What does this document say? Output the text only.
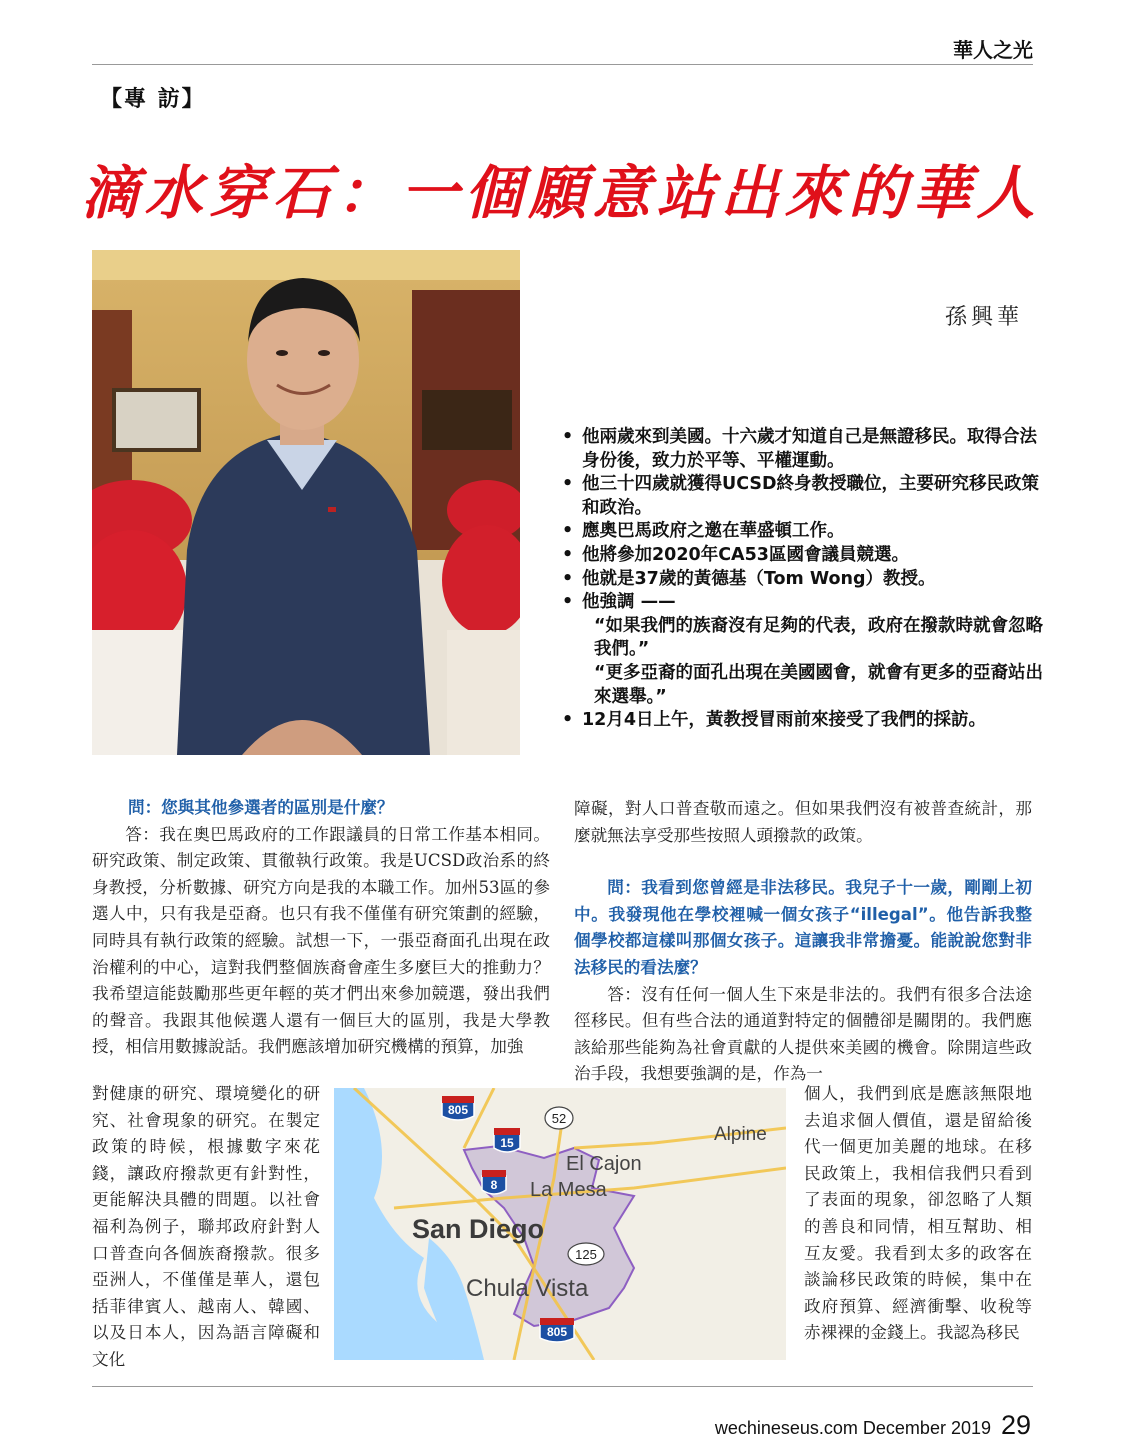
華人之光
【專 訪】
滴水穿石：一個願意站出來的華人
孫興華
• 他兩歲來到美國。十六歲才知道自己是無證移民。取得合法身份後，致力於平等、平權運動。
• 他三十四歲就獲得UCSD終身教授職位，主要研究移民政策和政治。
• 應奧巴馬政府之邀在華盛頓工作。
• 他將參加2020年CA53區國會議員競選。
• 他就是37歲的黃德基（Tom Wong）教授。
• 他強調 ——
“如果我們的族裔沒有足夠的代表，政府在撥款時就會忽略我們。”
“更多亞裔的面孔出現在美國國會，就會有更多的亞裔站出來選舉。”
• 12月4日上午，黃教授冒雨前來接受了我們的採訪。
問：您與其他參選者的區別是什麼？
答：我在奧巴馬政府的工作跟議員的日常工作基本相同。研究政策、制定政策、貫徹執行政策。我是UCSD政治系的終身教授，分析數據、研究方向是我的本職工作。加州53區的參選人中，只有我是亞裔。也只有我不僅僅有研究策劃的經驗，同時具有執行政策的經驗。試想一下，一張亞裔面孔出現在政治權利的中心，這對我們整個族裔會產生多麼巨大的推動力？我希望這能鼓勵那些更年輕的英才們出來參加競選，發出我們的聲音。我跟其他候選人還有一個巨大的區別，我是大學教授，相信用數據說話。我們應該增加研究機構的預算，加強
對健康的研究、環境變化的研究、社會現象的研究。在製定政策的時候，根據數字來花錢，讓政府撥款更有針對性，更能解決具體的問題。以社會福利為例子，聯邦政府針對人口普查向各個族裔撥款。很多亞洲人，不僅僅是華人，還包括菲律賓人、越南人、韓國、以及日本人，因為語言障礙和文化
障礙，對人口普查敬而遠之。但如果我們沒有被普查統計，那麼就無法享受那些按照人頭撥款的政策。
問：我看到您曾經是非法移民。我兒子十一歲，剛剛上初中。我發現他在學校裡喊一個女孩子“illegal”。他告訴我整個學校都這樣叫那個女孩子。這讓我非常擔憂。能說說您對非法移民的看法麼？
答：沒有任何一個人生下來是非法的。我們有很多合法途徑移民。但有些合法的通道對特定的個體卻是關閉的。我們應該給那些能夠為社會貢獻的人提供來美國的機會。除開這些政治手段，我想要強調的是，作為一
個人，我們到底是應該無限地去追求個人價值，還是留給後代一個更加美麗的地球。在移民政策上，我相信我們只看到了表面的現象，卻忽略了人類的善良和同情，相互幫助、相互友愛。我看到太多的政客在談論移民政策的時候，集中在政府預算、經濟衝擊、收稅等赤裸裸的金錢上。我認為移民
805
52
15
8
125
805
Alpine
El Cajon
La Mesa
San Diego
Chula Vista
wechineseus.com December 2019 29
